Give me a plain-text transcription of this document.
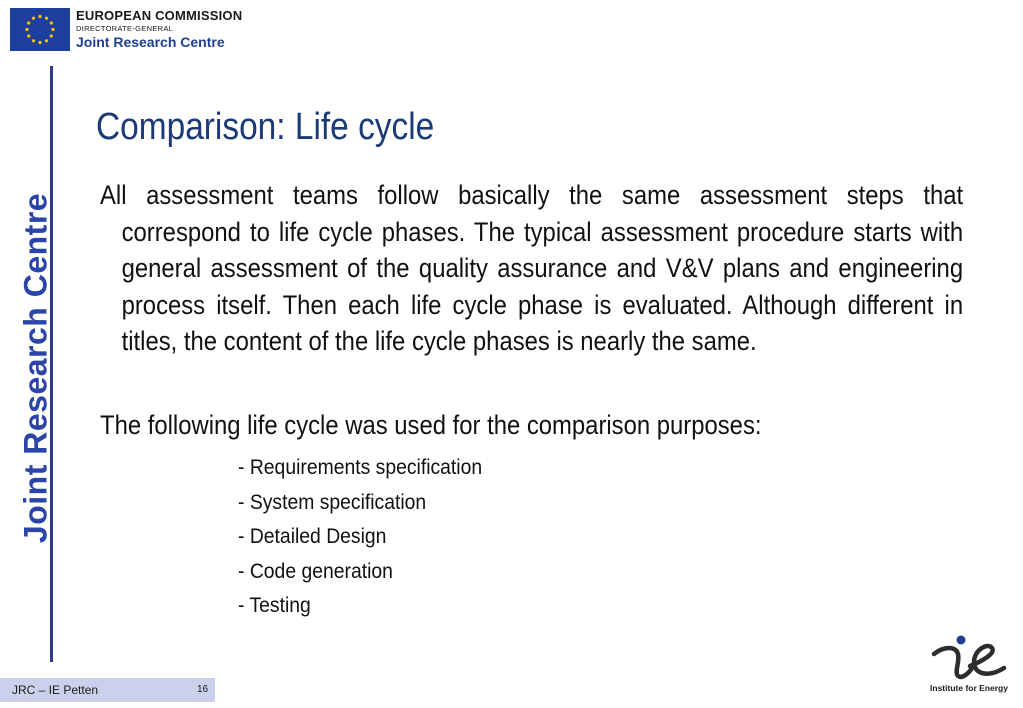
EUROPEAN COMMISSION
DIRECTORATE-GENERAL
Joint Research Centre
Joint Research Centre
Comparison: Life cycle

All assessment teams follow basically the same assessment steps that correspond to life cycle phases. The typical assessment procedure starts with general assessment of the quality assurance and V&V plans and engineering process itself. Then each life cycle phase is evaluated. Although different in titles, the content of the life cycle phases is nearly the same.

The following life cycle was used for the comparison purposes:

- Requirements specification
- System specification
- Detailed Design
- Code generation
- Testing
JRC – IE Petten	16	Institute for Energy
